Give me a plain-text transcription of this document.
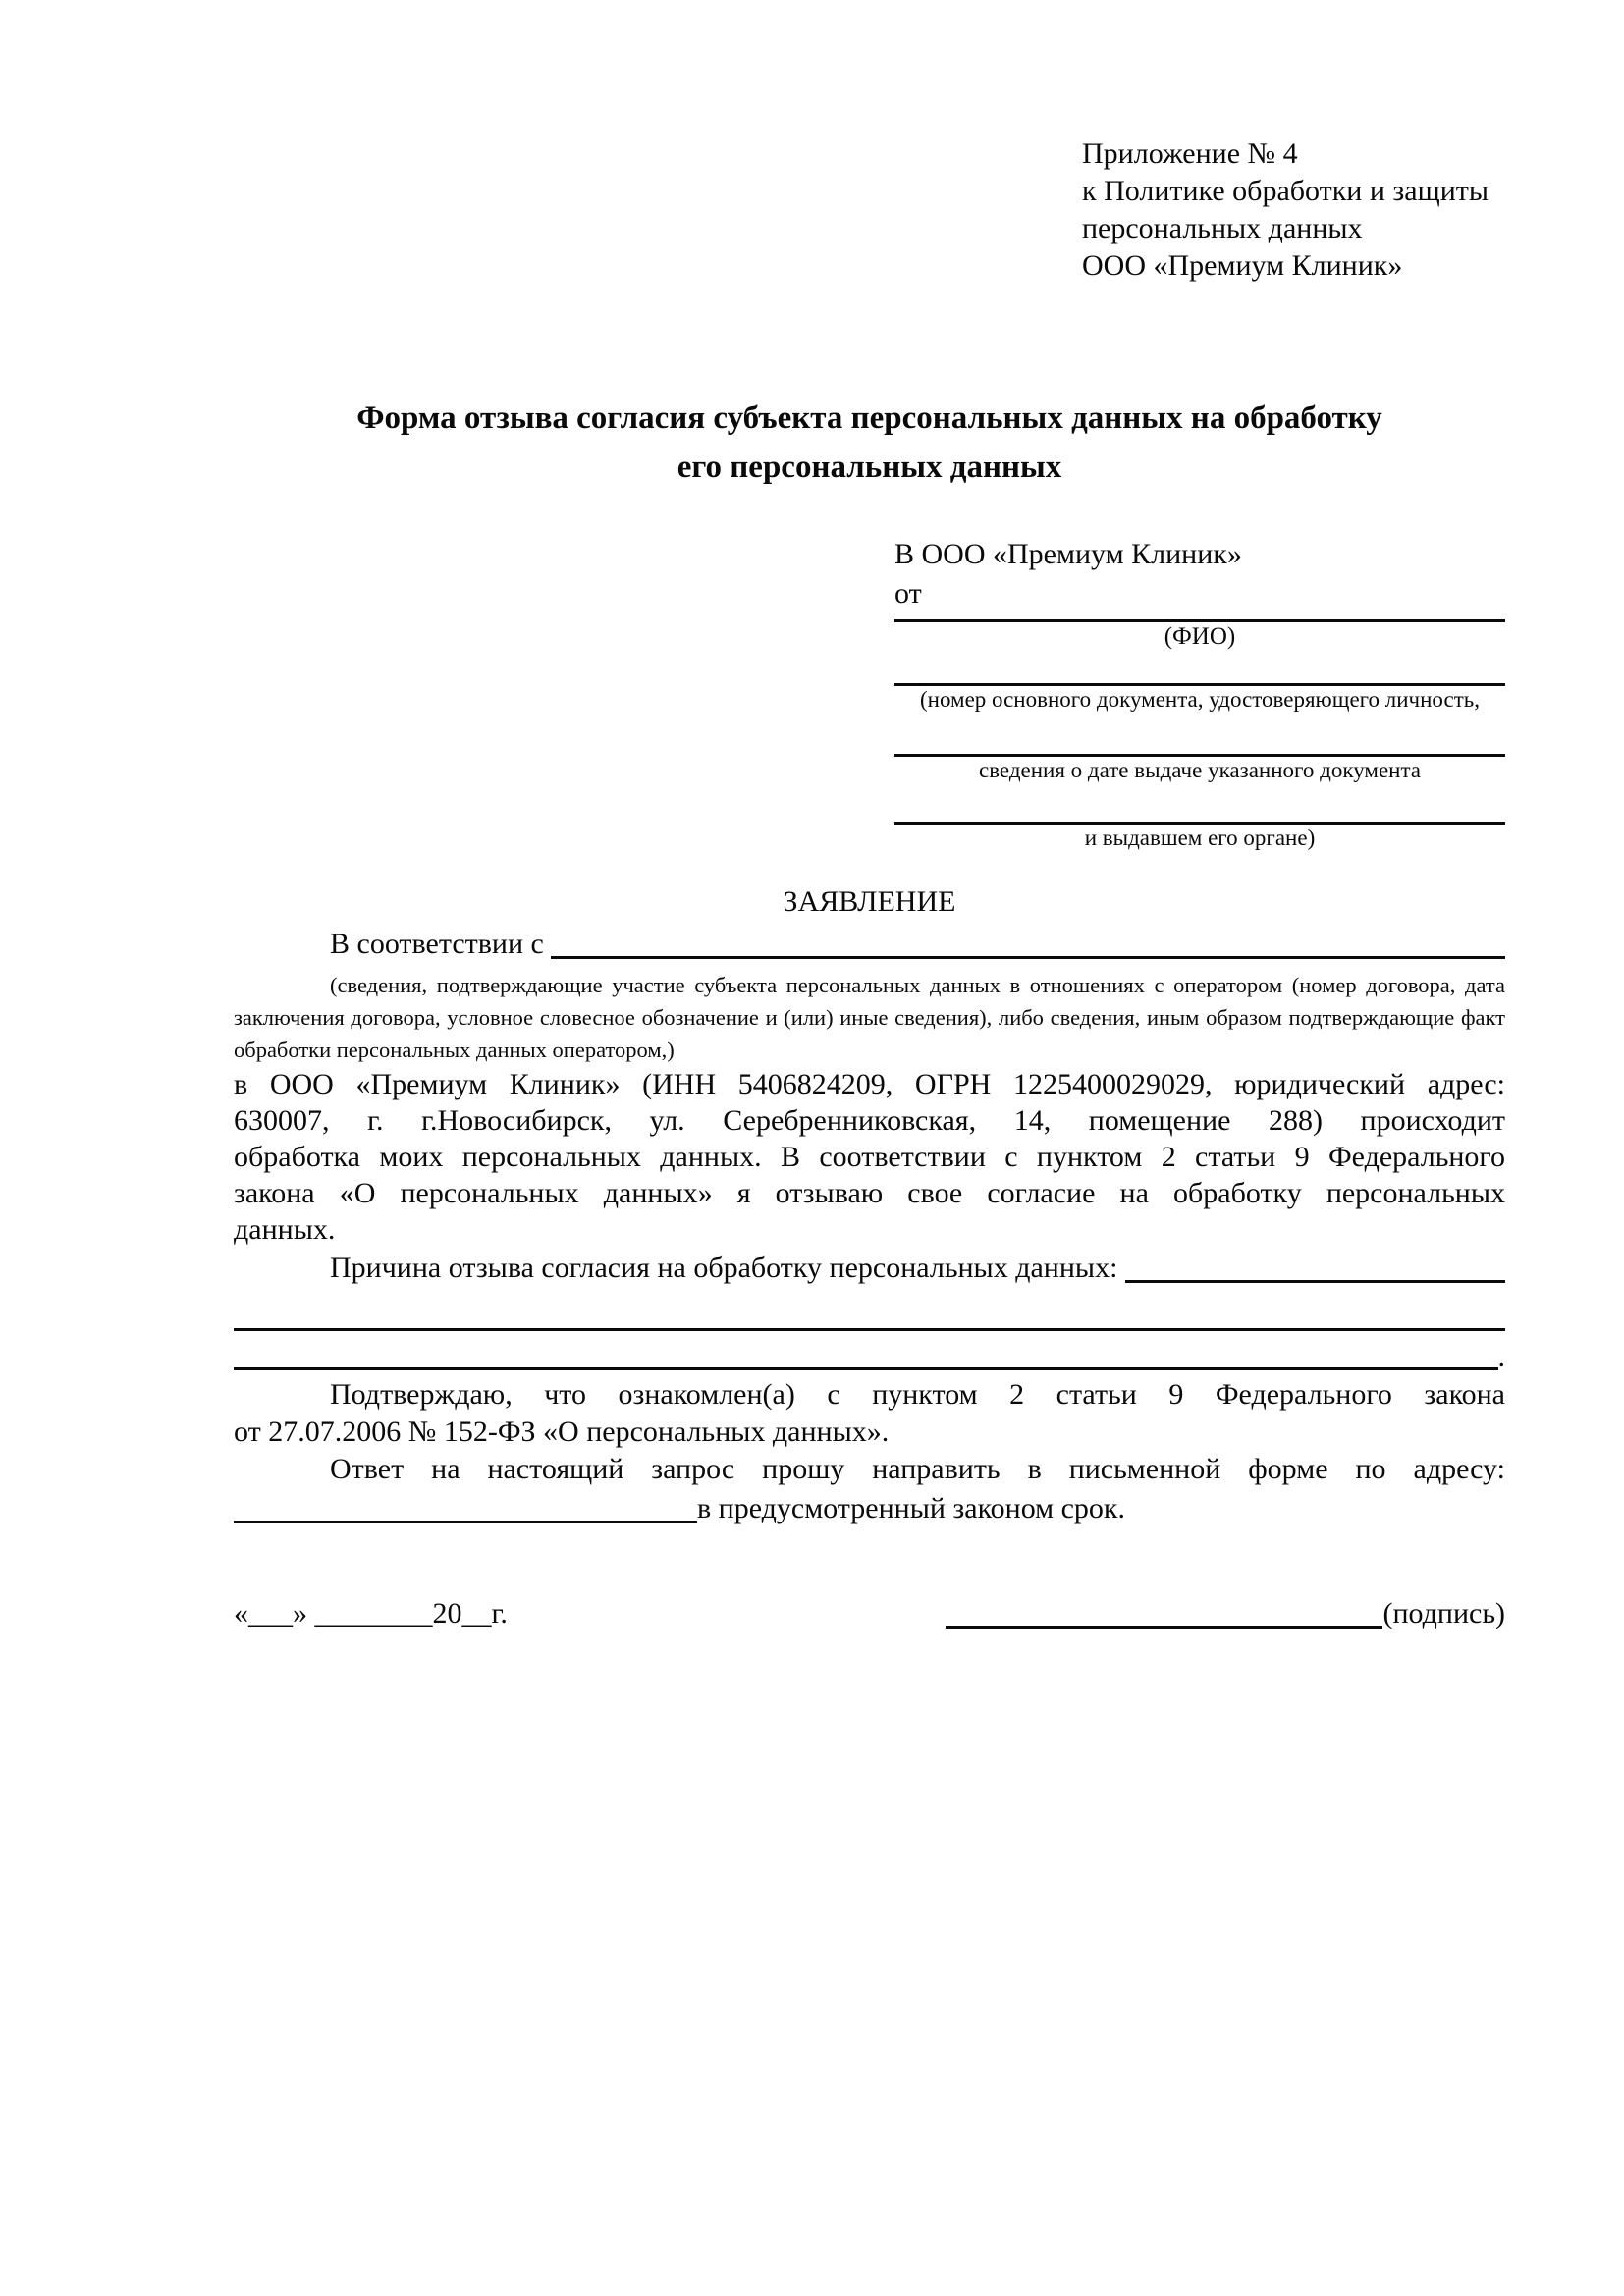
Приложение № 4
к Политике обработки и защиты
персональных данных
ООО «Премиум Клиник»
Форма отзыва согласия субъекта персональных данных на обработку
его персональных данных
В ООО «Премиум Клиник»
от
(ФИО)
(номер основного документа, удостоверяющего личность,
сведения о дате выдаче указанного документа
и выдавшем его органе)
ЗАЯВЛЕНИЕ
В соответствии с

(сведения, подтверждающие участие субъекта персональных данных в отношениях с оператором (номер договора, дата
заключения договора, условное словесное обозначение и (или) иные сведения), либо сведения, иным образом подтверждающие факт
обработки персональных данных оператором,)
в ООО «Премиум Клиник» (ИНН 5406824209, ОГРН 1225400029029, юридический адрес:
630007, г. г.Новосибирск, ул. Серебренниковская, 14, помещение 288) происходит
обработка моих персональных данных. В соответствии с пунктом 2 статьи 9 Федерального
закона «О персональных данных» я отзываю свое согласие на обработку персональных
данных.
Причина отзыва согласия на обработку персональных данных:

.
Подтверждаю, что ознакомлен(а) с пунктом 2 статьи 9 Федерального закона
от 27.07.2006 № 152-ФЗ «О персональных данных».
Ответ на настоящий запрос прошу направить в письменной форме по адресу:
в предусмотренный законом срок.
«___» ________20__г.	(подпись)
